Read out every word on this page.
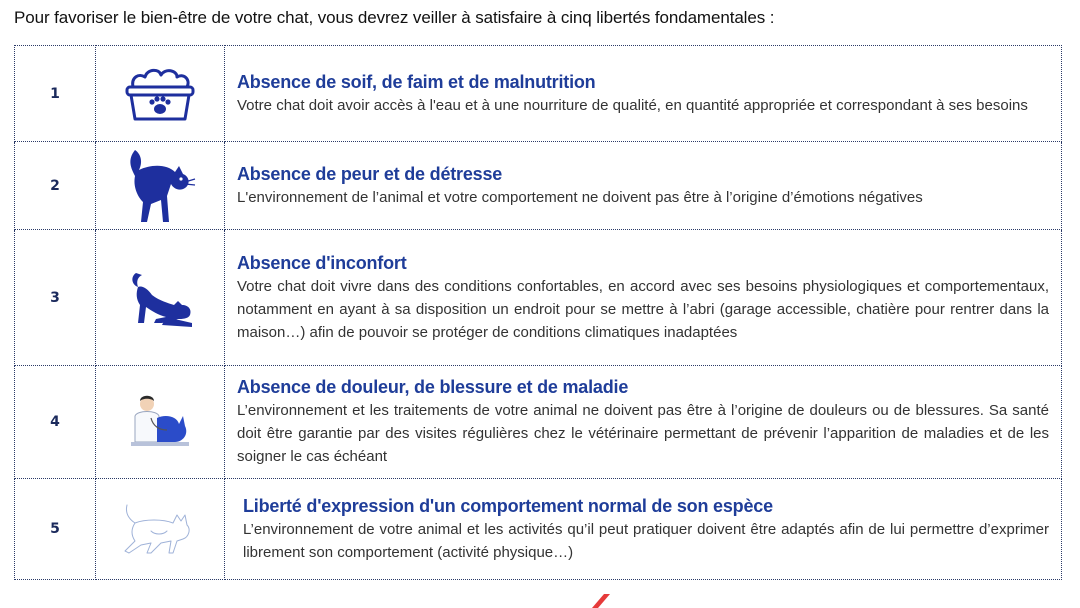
Pour favoriser le bien-être de votre chat, vous devrez veiller à satisfaire à cinq libertés fondamentales :
1		Absence de soif, de faim et de malnutrition
Votre chat doit avoir accès à l'eau et à une nourriture de qualité, en quantité appropriée et correspondant à ses besoins

2		Absence de peur et de détresse
L'environnement de l’animal et votre comportement ne doivent pas être à l’origine d’émotions négatives

3		Absence d'inconfort
Votre chat doit vivre dans des conditions confortables, en accord avec ses besoins physiologiques et comportementaux, notamment en ayant à sa disposition un endroit pour se mettre à l’abri (garage accessible, chatière pour rentrer dans la maison…) afin de pouvoir se protéger de conditions climatiques inadaptées

4		Absence de douleur, de blessure et de maladie
L’environnement et les traitements de votre animal ne doivent pas être à l’origine de douleurs ou de blessures. Sa santé doit être garantie par des visites régulières chez le vétérinaire permettant de prévenir l’apparition de maladies et de les soigner le cas échéant

5		Liberté d'expression d'un comportement normal de son espèce
L’environnement de votre animal et les activités qu’il peut pratiquer doivent être adaptés afin de lui permettre d’exprimer librement son comportement (activité physique…)
